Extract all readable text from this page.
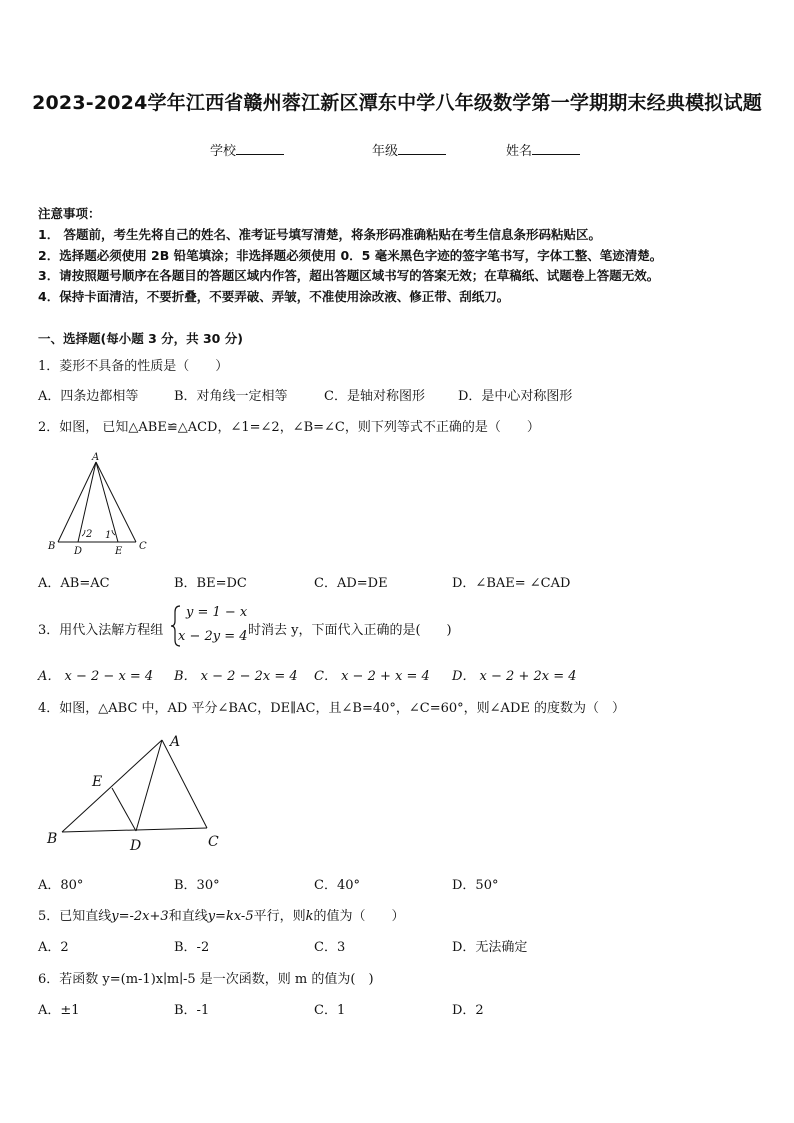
2023-2024学年江西省赣州蓉江新区潭东中学八年级数学第一学期期末经典模拟试题
学校	年级	姓名
注意事项：
1． 答题前，考生先将自己的姓名、准考证号填写清楚，将条形码准确粘贴在考生信息条形码粘贴区。
2．选择题必须使用 2B 铅笔填涂；非选择题必须使用 0．5 毫米黑色字迹的签字笔书写，字体工整、笔迹清楚。
3．请按照题号顺序在各题目的答题区域内作答，超出答题区域书写的答案无效；在草稿纸、试题卷上答题无效。
4．保持卡面清洁，不要折叠，不要弄破、弄皱，不准使用涂改液、修正带、刮纸刀。
一、选择题(每小题 3 分，共 30 分)
1．菱形不具备的性质是（　　）
A．四条边都相等	B．对角线一定相等	C．是轴对称图形	D．是中心对称图形
2．如图， 已知△ABE≌△ACD，∠1=∠2，∠B=∠C，则下列等式不正确的是（　　）
A
B D	E C
2 1
A．AB=AC	B．BE=DC	C．AD=DE	D．∠BAE= ∠CAD
3．用代入法解方程组
y = 1 − x
x − 2y = 4 时消去 y，下面代入正确的是(　　)
A． x − 2 − x = 4 B． x − 2 − 2x = 4 C． x − 2 + x = 4 D． x − 2 + 2x = 4
4．如图，△ABC 中，AD 平分∠BAC，DE∥AC，且∠B=40°，∠C=60°，则∠ADE 的度数为（　）
A
E
B	D	C
A．80°	B．30°	C．40°	D．50°
5．已知直线y=-2x+3和直线y=kx-5平行，则k的值为（　　）
A．2	B．-2	C．3	D．无法确定
6．若函数 y=(m-1)x∣m∣-5 是一次函数，则 m 的值为(　)
A．±1	B．-1	C．1	D．2
